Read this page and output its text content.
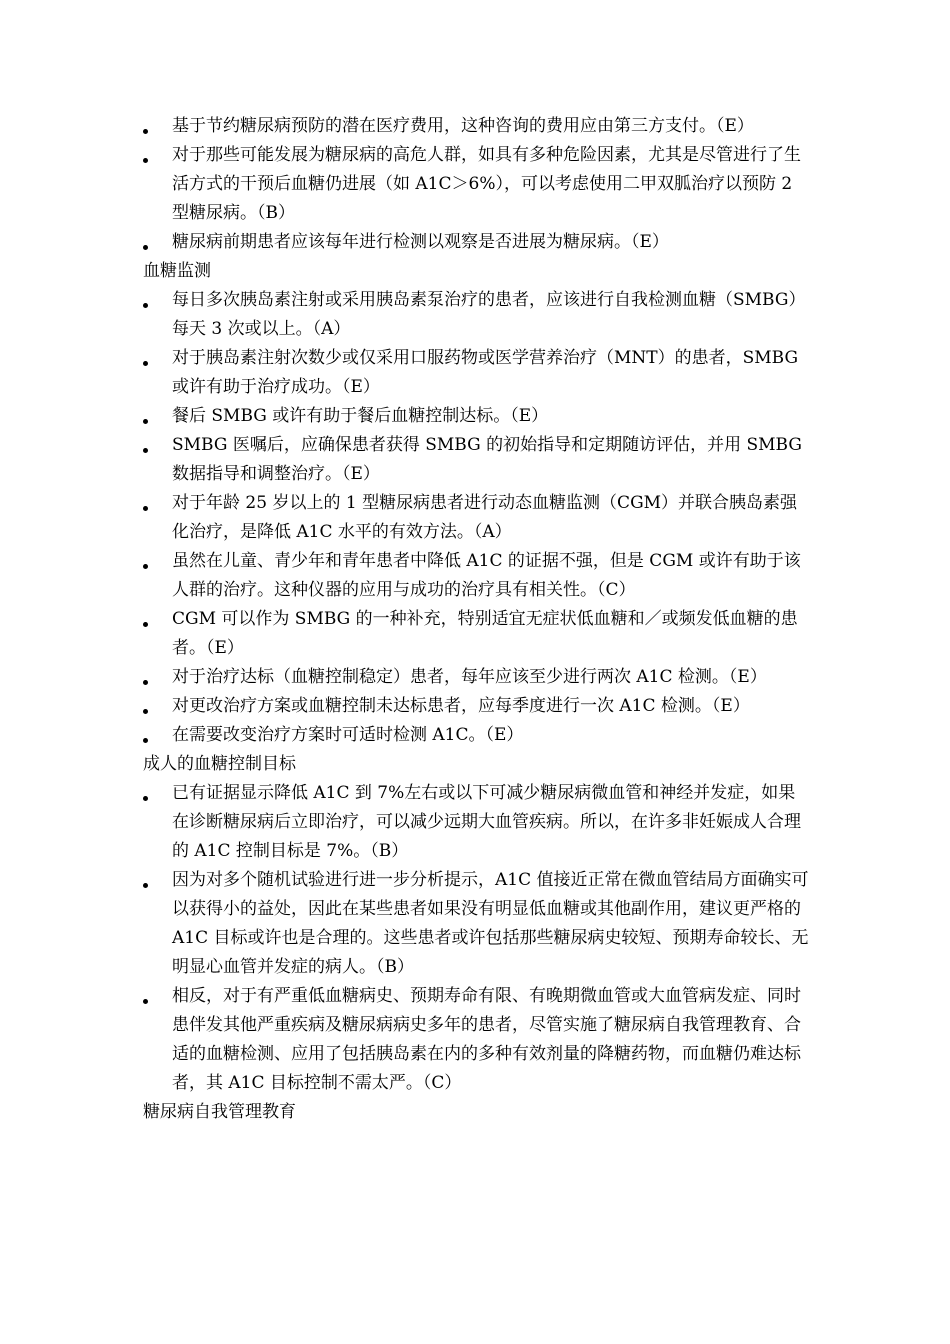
基于节约糖尿病预防的潜在医疗费用，这种咨询的费用应由第三方支付。（E）
对于那些可能发展为糖尿病的高危人群，如具有多种危险因素，尤其是尽管进行了生活方式的干预后血糖仍进展（如 A1C＞6%），可以考虑使用二甲双胍治疗以预防 2 型糖尿病。（B）
糖尿病前期患者应该每年进行检测以观察是否进展为糖尿病。（E）
血糖监测
每日多次胰岛素注射或采用胰岛素泵治疗的患者，应该进行自我检测血糖（SMBG）每天 3 次或以上。（A）
对于胰岛素注射次数少或仅采用口服药物或医学营养治疗（MNT）的患者，SMBG 或许有助于治疗成功。（E）
餐后 SMBG 或许有助于餐后血糖控制达标。（E）
SMBG 医嘱后，应确保患者获得 SMBG 的初始指导和定期随访评估，并用 SMBG 数据指导和调整治疗。（E）
对于年龄 25 岁以上的 1 型糖尿病患者进行动态血糖监测（CGM）并联合胰岛素强化治疗，是降低 A1C 水平的有效方法。（A）
虽然在儿童、青少年和青年患者中降低 A1C 的证据不强，但是 CGM 或许有助于该人群的治疗。这种仪器的应用与成功的治疗具有相关性。（C）
CGM 可以作为 SMBG 的一种补充，特别适宜无症状低血糖和／或频发低血糖的患者。（E）
对于治疗达标（血糖控制稳定）患者，每年应该至少进行两次 A1C 检测。（E）
对更改治疗方案或血糖控制未达标患者，应每季度进行一次 A1C 检测。（E）
在需要改变治疗方案时可适时检测 A1C。（E）
成人的血糖控制目标
已有证据显示降低 A1C 到 7%左右或以下可减少糖尿病微血管和神经并发症，如果在诊断糖尿病后立即治疗，可以减少远期大血管疾病。所以，在许多非妊娠成人合理的 A1C 控制目标是 7%。（B）
因为对多个随机试验进行进一步分析提示，A1C 值接近正常在微血管结局方面确实可以获得小的益处，因此在某些患者如果没有明显低血糖或其他副作用，建议更严格的 A1C 目标或许也是合理的。这些患者或许包括那些糖尿病史较短、预期寿命较长、无明显心血管并发症的病人。（B）
相反，对于有严重低血糖病史、预期寿命有限、有晚期微血管或大血管病发症、同时患伴发其他严重疾病及糖尿病病史多年的患者，尽管实施了糖尿病自我管理教育、合适的血糖检测、应用了包括胰岛素在内的多种有效剂量的降糖药物，而血糖仍难达标者，其 A1C 目标控制不需太严。（C）
糖尿病自我管理教育
